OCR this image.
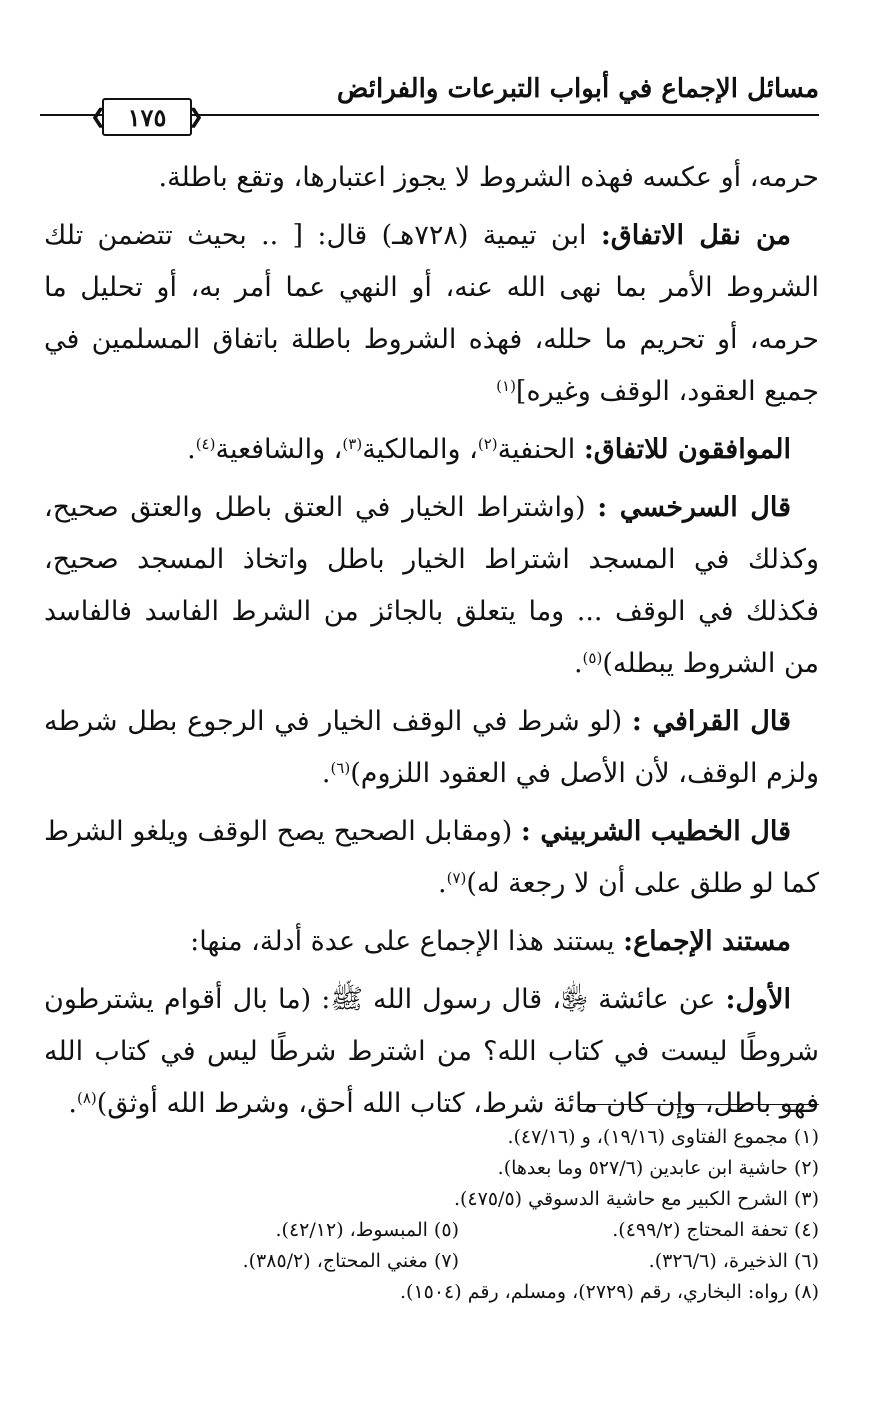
مسائل الإجماع في أبواب التبرعات والفرائض
❮ ١٧٥
❯

حرمه، أو عكسه فهذه الشروط لا يجوز اعتبارها، وتقع باطلة.

من نقل الاتفاق: ابن تيمية (٧٢٨هـ) قال: [ .. بحيث تتضمن تلك الشروط الأمر بما نهى الله عنه، أو النهي عما أمر به، أو تحليل ما حرمه، أو تحريم ما حلله، فهذه الشروط باطلة باتفاق المسلمين في جميع العقود، الوقف وغيره]$^{(١)}$

الموافقون للاتفاق: الحنفية$^{(٢)}$، والمالكية$^{(٣)}$، والشافعية$^{(٤)}$.

قال السرخسي : (واشتراط الخيار في العتق باطل والعتق صحيح، وكذلك في المسجد اشتراط الخيار باطل واتخاذ المسجد صحيح، فكذلك في الوقف ... وما يتعلق بالجائز من الشرط الفاسد فالفاسد من الشروط يبطله)$^{(٥)}$.

قال القرافي : (لو شرط في الوقف الخيار في الرجوع بطل شرطه ولزم الوقف، لأن الأصل في العقود اللزوم)$^{(٦)}$.

قال الخطيب الشربيني : (ومقابل الصحيح يصح الوقف ويلغو الشرط كما لو طلق على أن لا رجعة له)$^{(٧)}$.

مستند الإجماع: يستند هذا الإجماع على عدة أدلة، منها:

الأول: عن عائشة ﵂، قال رسول الله ﷺ: (ما بال أقوام يشترطون شروطًا ليست في كتاب الله؟ من اشترط شرطًا ليس في كتاب الله فهو باطل، وإن كان مائة شرط، كتاب الله أحق، وشرط الله أوثق)$^{(٨)}$.

(١) مجموع الفتاوى (١٩/١٦)، و (٤٧/١٦).
(٢) حاشية ابن عابدين (٥٢٧/٦ وما بعدها).
(٣) الشرح الكبير مع حاشية الدسوقي (٤٧٥/٥).
(٤) تحفة المحتاج (٤٩٩/٢).
(٥) المبسوط، (٤٢/١٢).
(٦) الذخيرة، (٣٢٦/٦).
(٧) مغني المحتاج، (٣٨٥/٢).
(٨) رواه: البخاري، رقم (٢٧٢٩)، ومسلم، رقم (١٥٠٤).
